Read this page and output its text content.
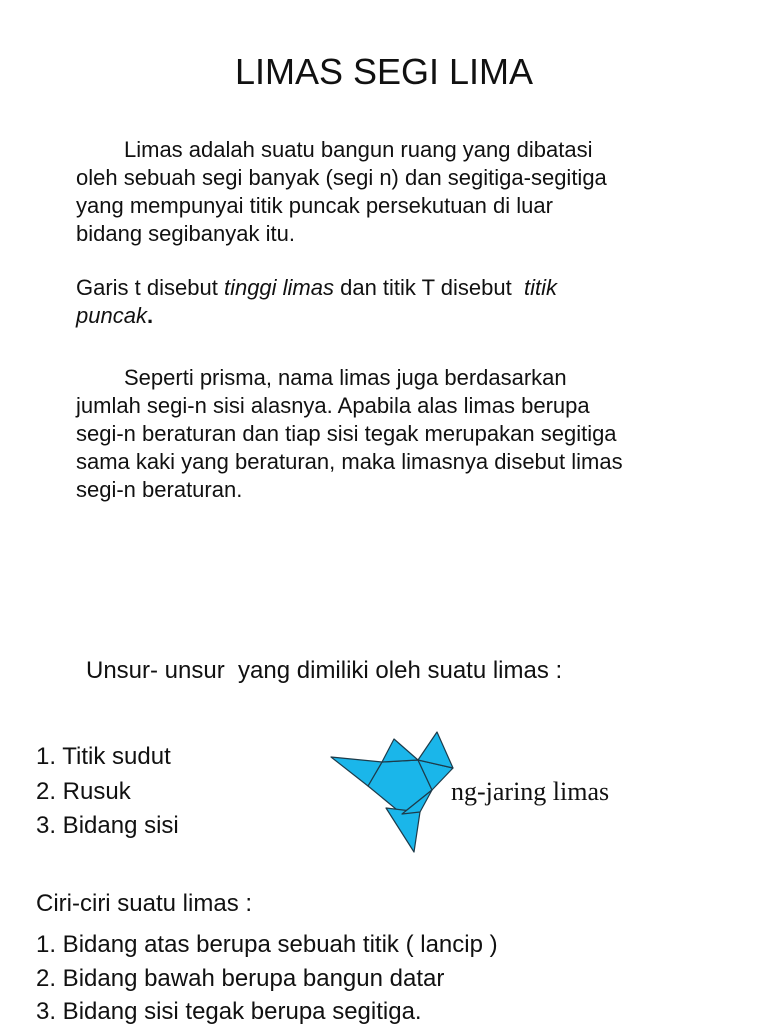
LIMAS SEGI LIMA
Limas adalah suatu bangun ruang yang dibatasi
oleh sebuah segi banyak (segi n) dan segitiga-segitiga
yang mempunyai titik puncak persekutuan di luar
bidang segibanyak itu.
Garis t disebut tinggi limas dan titik T disebut  titik
puncak.
Seperti prisma, nama limas juga berdasarkan
jumlah segi-n sisi alasnya. Apabila alas limas berupa
segi-n beraturan dan tiap sisi tegak merupakan segitiga
sama kaki yang beraturan, maka limasnya disebut limas
segi-n beraturan.
Unsur- unsur  yang dimiliki oleh suatu limas :
1. Titik sudut
2. Rusuk
3. Bidang sisi
ng-jaring limas
Ciri-ciri suatu limas :
1. Bidang atas berupa sebuah titik ( lancip )
2. Bidang bawah berupa bangun datar
3. Bidang sisi tegak berupa segitiga.
